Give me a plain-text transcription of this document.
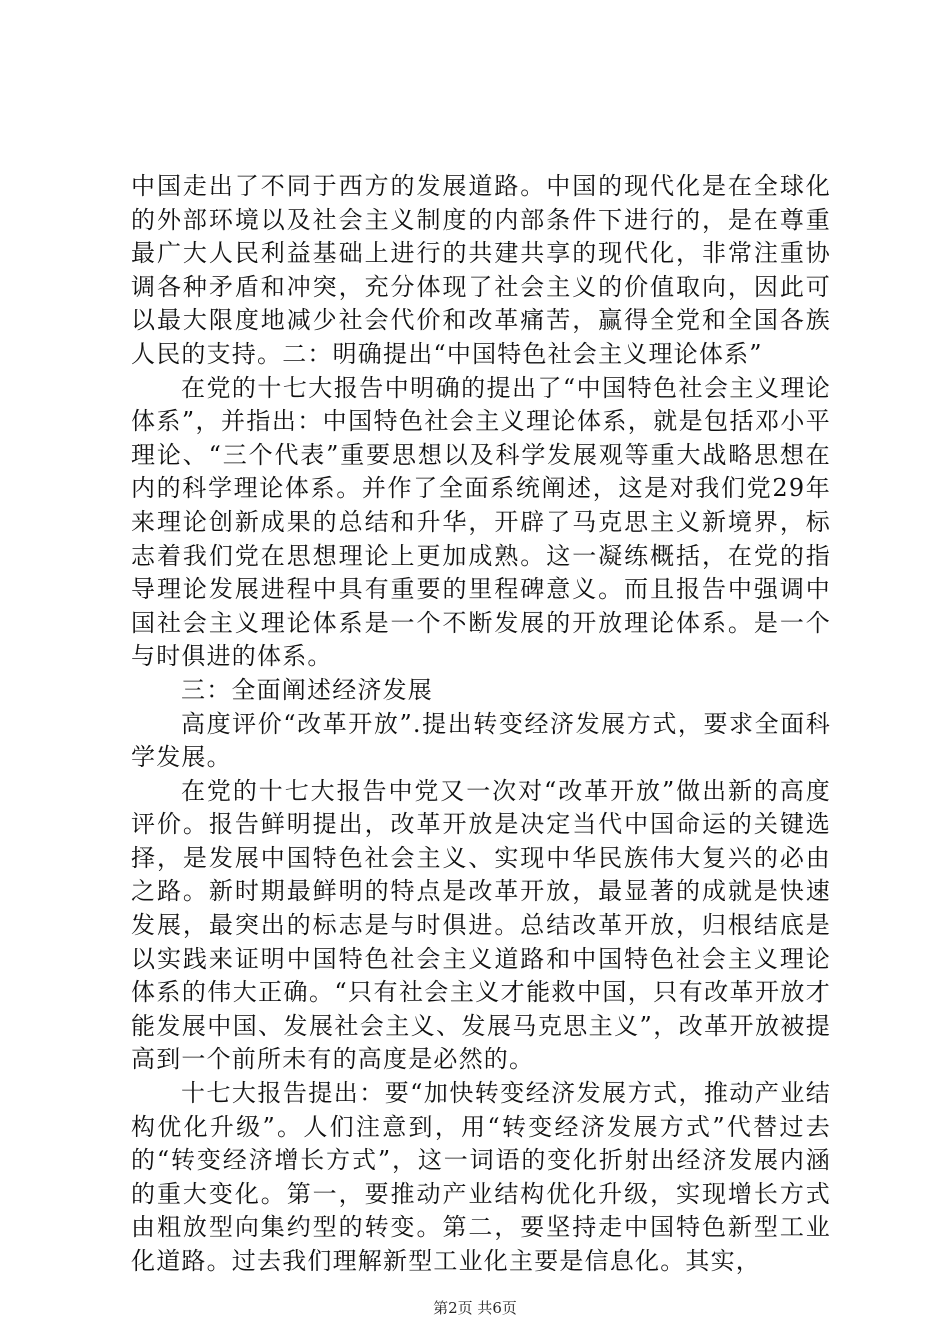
中国走出了不同于西方的发展道路。中国的现代化是在全球化的外部环境以及社会主义制度的内部条件下进行的，是在尊重最广大人民利益基础上进行的共建共享的现代化，非常注重协调各种矛盾和冲突，充分体现了社会主义的价值取向，因此可以最大限度地减少社会代价和改革痛苦，赢得全党和全国各族人民的支持。二：明确提出“中国特色社会主义理论体系”

在党的十七大报告中明确的提出了“中国特色社会主义理论体系”，并指出：中国特色社会主义理论体系，就是包括邓小平理论、“三个代表”重要思想以及科学发展观等重大战略思想在内的科学理论体系。并作了全面系统阐述，这是对我们党29年来理论创新成果的总结和升华，开辟了马克思主义新境界，标志着我们党在思想理论上更加成熟。这一凝练概括，在党的指导理论发展进程中具有重要的里程碑意义。而且报告中强调中国社会主义理论体系是一个不断发展的开放理论体系。是一个与时俱进的体系。

三：全面阐述经济发展

高度评价“改革开放”.提出转变经济发展方式，要求全面科学发展。

在党的十七大报告中党又一次对“改革开放”做出新的高度评价。报告鲜明提出，改革开放是决定当代中国命运的关键选择，是发展中国特色社会主义、实现中华民族伟大复兴的必由之路。新时期最鲜明的特点是改革开放，最显著的成就是快速发展，最突出的标志是与时俱进。总结改革开放，归根结底是以实践来证明中国特色社会主义道路和中国特色社会主义理论体系的伟大正确。“只有社会主义才能救中国，只有改革开放才能发展中国、发展社会主义、发展马克思主义”，改革开放被提高到一个前所未有的高度是必然的。

十七大报告提出：要“加快转变经济发展方式，推动产业结构优化升级”。人们注意到，用“转变经济发展方式”代替过去的“转变经济增长方式”，这一词语的变化折射出经济发展内涵的重大变化。第一，要推动产业结构优化升级，实现增长方式由粗放型向集约型的转变。第二，要坚持走中国特色新型工业化道路。过去我们理解新型工业化主要是信息化。其实，

第2页 共6页
